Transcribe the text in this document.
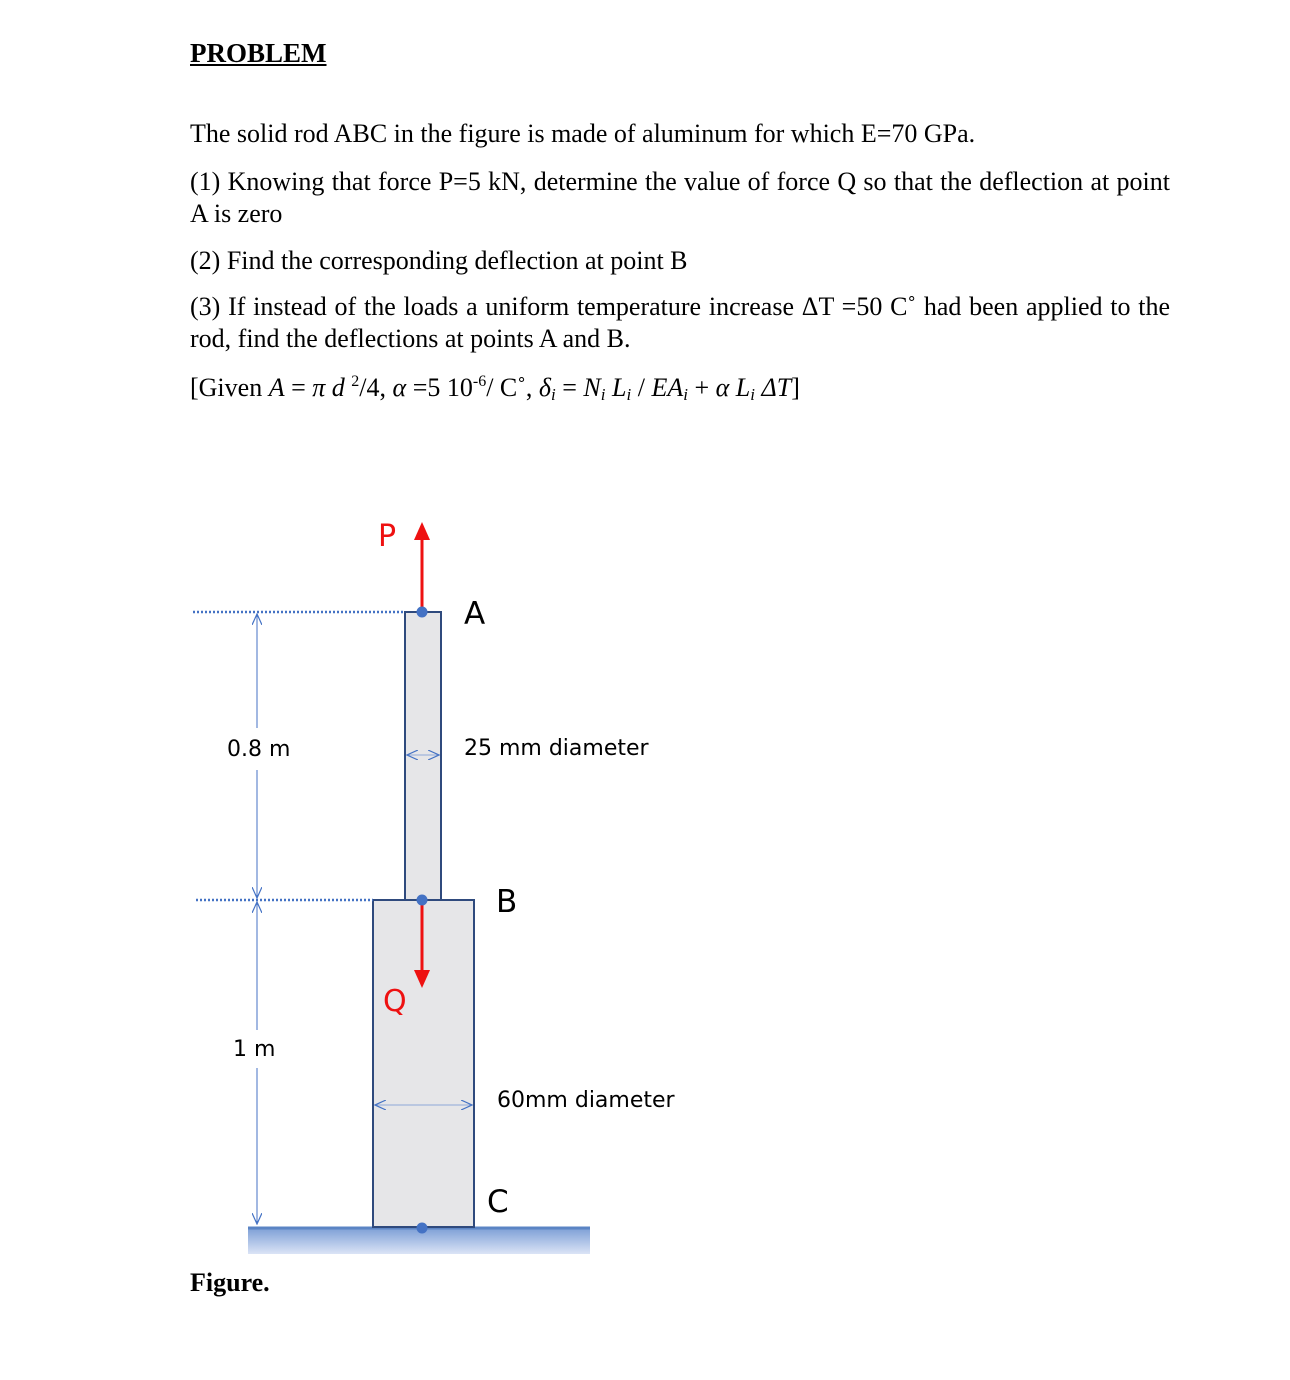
PROBLEM

The solid rod ABC in the figure is made of aluminum for which E=70 GPa.

(1) Knowing that force P=5 kN, determine the value of force Q so that the deflection at point A is zero

(2) Find the corresponding deflection at point B

(3) If instead of the loads a uniform temperature increase ΔT =50 C˚ had been applied to the rod, find the deflections at points A and B.

[Given A = π d $^2$/4, α =5 $10^{-6}/$ C˚, $\delta_i = N_i$ $L_i / EA_i + \alpha$ $L_i$ ΔT]

P
Q
A
B
C
0.8 m
1 m
25 mm diameter
60mm diameter

Figure.
